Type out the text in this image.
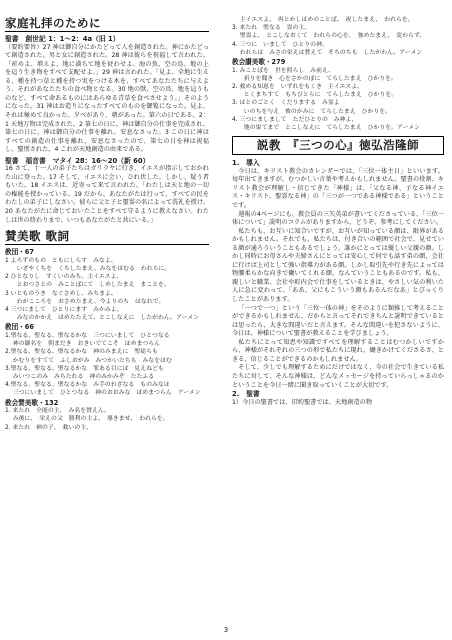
家庭礼拝のために

聖書　創世記 1：1〜2：4a（旧 1）

（要約要旨）27 神は御自分にかたどって人を創造された。神にかたどって創造された。男と女に創造された。28 神は彼らを祝福して言われた。「産めよ、増えよ、地に満ちて地を従わせよ。海の魚、空の鳥、地の上を這う生き物をすべて支配せよ。」29 神は言われた。「見よ、全地に生える、種を持つ草と種を持つ実をつける木を、すべてあなたたちに与えよう。それがあなたたちの食べ物となる。30 地の獣、空の鳥、地を這うものなど、すべて命あるものにはあらゆる青草を食べさせよう。」そのようになった。31 神はお造りになったすべてのものを御覧になった。見よ、それは極めて良かった。夕べがあり、朝があった。第六の日である。2：1 天地万物は完成された。2 第七の日に、神は御自分の仕事を完成され、第七の日に、神は御自分の仕事を離れ、安息なさった。3 この日に神はすべての創造の仕事を離れ、安息なさったので、第七の日を神は祝福し、聖別された。4 これが天地創造の由来である。

聖書　福音書　マタイ 28：16〜20（新 60）

16 さて、十一人の弟子たちはガリラヤに行き、イエスが指示しておかれた山に登った。17 そして、イエスに会い、ひれ伏した。しかし、疑う者もいた。18 イエスは、近寄って来て言われた。「わたしは天と地の一切の権能を授かっている。19 だから、あなたがたは行って、すべての民をわたしの弟子にしなさい。彼らに父と子と聖霊の名によって洗礼を授け、20 あなたがたに命じておいたことをすべて守るように教えなさい。わたしは世の終わりまで、いつもあなたがたと共にいる。」

賛美歌 歌詞

教団・67

1 よろずのもの　ともにしらす　みなよ、

　　いざやくちを　くちしたまえ、みなをほむる　われらに。

2 ひとなりし　すくいのみち、主イエスよ、

　　とおつさとの　みことばにて　しめしたまえ　まことを。

3 いとものうき　なぐさめし、みちまよ、

　　わがこころを　おさめたまえ、今よりのち　はなれで。

4 三つにまして　ひとりにます　みかみよ、

　　みなのかかえ　ほめたたえて、とこしなえに　したがわん。アーメン

教団・66

1.聖なる、聖なる、聖なるかな　三つにいまして　ひとつなる

　 神の御名を　朝まだき　おきいでてこそ　ほめまつらん

2.聖なる、聖なる、聖なるかな　神のみまえに　聖徒らも

　 かむりをすてて　ふしおがみ　みつかいたちも　みなをほむ

3.聖なる、聖なる、聖なるかな　罪ある目には　見えねども

　 みいつこのみ　みちたれる　神のみかみぞ　たたふる

4.聖なる、聖なる、聖なるかな　み手のわざなる　ものみなは

　 三つにいまして　ひとつなる　神のおおみな　ほめまつらん　アーメン

教会賛美歌・132

1. 来たれ　全能の主、　み名を賛えん。

　 み後に、　栄えの父　勝利の主よ、　導きませ、　われらを。

2. 来たれ　神の子、　救いの主、

　 主イエスよ、　再とかしほめのことば、　祝したまえ、　われらを。

3. 来たれ　聖なる　霊の主、

　 聖霊よ、　とこしなおくて　われらの心を、　強めたまえ、　変わらず。

4. 三つに　いまして　ひとりの神、

　 われらは　みさの栄えは賛えて　そちのちも　したがわん。アーメン

教会讃美歌・279

1. みことばを　世を照らし　み前え、

　　祈りを聞き　心をさかのぼに　てらしたまえ　ひかりを。

2. 救める知恵を　いずれをもくき　主イエスよ、

　　とくまちすて　もちびとらに　てらしたまえ　ひかりを。

3. はとのごとく　くだりまする　み霊よ

　　いのちを与え　彼のかみに　てらしたまえ　ひかりを。

4. 三つにましまして　ただひとりの　み神よ、

　　地の果てまで　とこしなえに　てらしたまえ　ひかりを。アーメン

説教　『三つの心』徳弘浩隆師

1.　導入

今日は、キリスト教会のカレンダーでは、「三位一体主日」といいます。毎年出てきますが、むつかしい言葉や考えかもしれません。聖書の役割、キリスト教会が理解し・信じてきた「神様」は、「父なる神、子なる神イエス・キリスト、聖霊なる神」の「三つが一つである神様である」ということです。

週報の4ページにも、教会員の三矢英弟が書いてくださっている、「三位一体について」説明のコラムがありますから、どうぞ、参考にしてください。

私たちも、お互いに知合いですが、お互いが知っている顔は、限界があるかもしれません。それでも、私たちは、付き合いの範囲で社会で、見せている顔が通ろういうこともあるでしょう。誰かにとっては優しい父親の顔。しかし同時にお母さんや夫婦さんにとっては安心して何でも話す弟の顔、会社に行けば上司として強い指導力がある顔。しかし取引先や行き先によっては物腰柔らかな向きで働いてくれる顔、なんていうこともあるのです。私も、親しいと職業、会社や町内会で仕事をしているときは、やさしい気の利いた人に急に変わって、「ああ、父にもこういう顔もあるんだなあ」とびっくりしたことがあります。

「一つで一つ」という「三位一体の神」をそのように類推して考えることができるかもしれません。だからと言ってそれできちんと説明できているとは思ったら、大きな間違いだと言えます。そんな間違いを犯さないように、今日は、神様について聖書が教えることを学びましょう。

私たちにとって知恵や知識ですべてを理解することはむつかしいですから、神様がそれぞれの三つの形で私たちに現れ、働きかけてくださるさ、ときる、信じることができるのかもしれません。

そして、少しでも理解するためにだけではなく、今の社会で生きている私たちに対して、そんな神様は、どんなメッセージを持っていらっしゃるのかということを今日一緒に聞き取っていくことが大切です。

2.　聖書

1）今日の聖書では、旧約聖書では、天地創造の物

3
